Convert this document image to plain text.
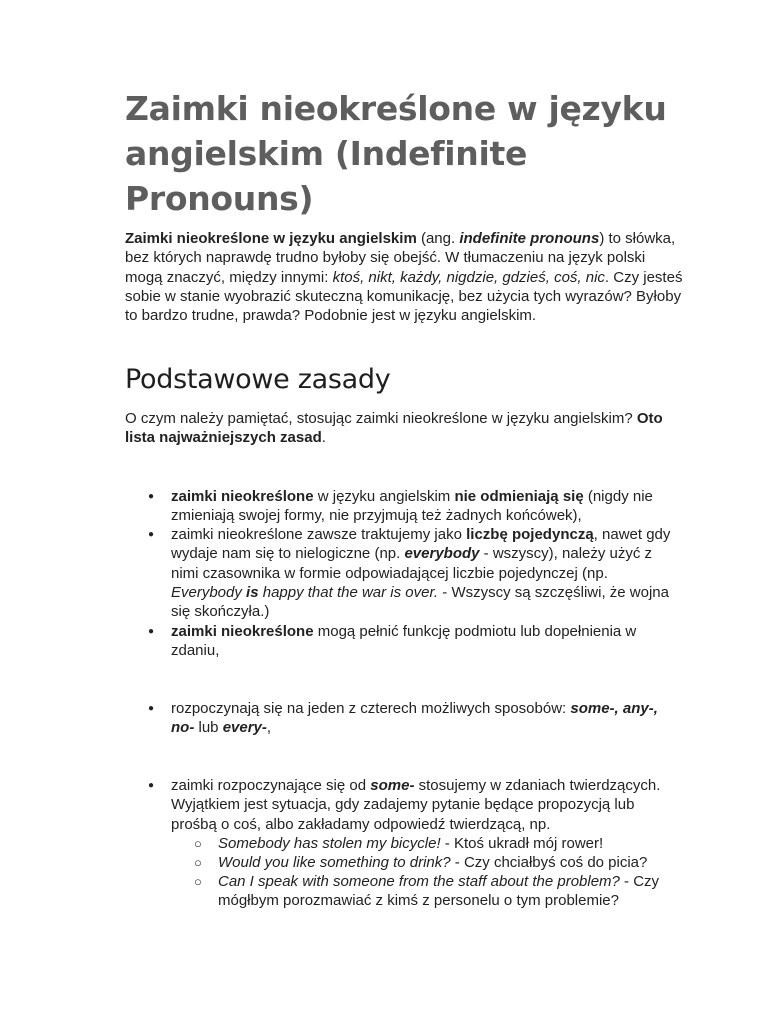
Zaimki nieokreślone w języku angielskim (Indefinite Pronouns)

Zaimki nieokreślone w języku angielskim (ang. indefinite pronouns) to słówka, bez których naprawdę trudno byłoby się obejść. W tłumaczeniu na język polski mogą znaczyć, między innymi: ktoś, nikt, każdy, nigdzie, gdzieś, coś, nic. Czy jesteś sobie w stanie wyobrazić skuteczną komunikację, bez użycia tych wyrazów? Byłoby to bardzo trudne, prawda? Podobnie jest w języku angielskim.

Podstawowe zasady

O czym należy pamiętać, stosując zaimki nieokreślone w języku angielskim? Oto lista najważniejszych zasad.

● zaimki nieokreślone w języku angielskim nie odmieniają się (nigdy nie zmieniają swojej formy, nie przyjmują też żadnych końcówek),
● zaimki nieokreślone zawsze traktujemy jako liczbę pojedynczą, nawet gdy wydaje nam się to nielogiczne (np. everybody - wszyscy), należy użyć z nimi czasownika w formie odpowiadającej liczbie pojedynczej (np. Everybody is happy that the war is over. - Wszyscy są szczęśliwi, że wojna się skończyła.)
● zaimki nieokreślone mogą pełnić funkcję podmiotu lub dopełnienia w zdaniu,
● rozpoczynają się na jeden z czterech możliwych sposobów: some-, any-, no- lub every-,
● zaimki rozpoczynające się od some- stosujemy w zdaniach twierdzących. Wyjątkiem jest sytuacja, gdy zadajemy pytanie będące propozycją lub prośbą o coś, albo zakładamy odpowiedź twierdzącą, np.
○ Somebody has stolen my bicycle! - Ktoś ukradł mój rower!
○ Would you like something to drink? - Czy chciałbyś coś do picia?
○ Can I speak with someone from the staff about the problem? - Czy mógłbym porozmawiać z kimś z personelu o tym problemie?
